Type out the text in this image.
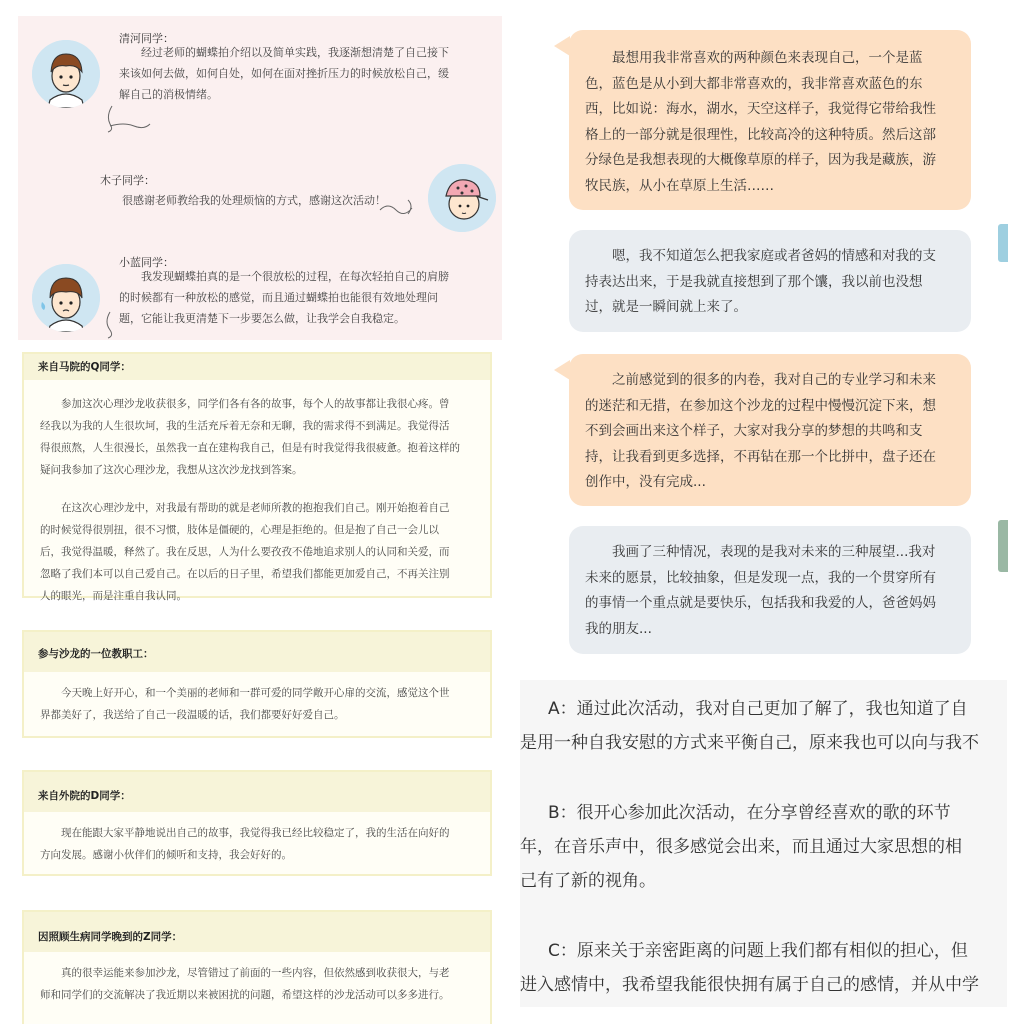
清河同学：
经过老师的蝴蝶拍介绍以及简单实践，我逐渐想清楚了自己接下
来该如何去做，如何自处，如何在面对挫折压力的时候放松自己，缓
解自己的消极情绪。
木子同学：
很感谢老师教给我的处理烦恼的方式，感谢这次活动！
小蓝同学：
我发现蝴蝶拍真的是一个很放松的过程，在每次轻拍自己的肩膀
的时候都有一种放松的感觉，而且通过蝴蝶拍也能很有效地处理问
题，它能让我更清楚下一步要怎么做，让我学会自我稳定。
来自马院的Q同学：

参加这次心理沙龙收获很多，同学们各有各的故事，每个人的故事都让我很心疼。曾
经我以为我的人生很坎坷，我的生活充斥着无奈和无聊，我的需求得不到满足。我觉得活
得很煎熬，人生很漫长，虽然我一直在建构我自己，但是有时我觉得我很疲惫。抱着这样的
疑问我参加了这次心理沙龙，我想从这次沙龙找到答案。

在这次心理沙龙中，对我最有帮助的就是老师所教的抱抱我们自己。刚开始抱着自己
的时候觉得很别扭，很不习惯，肢体是僵硬的，心理是拒绝的。但是抱了自己一会儿以
后，我觉得温暖，释然了。我在反思，人为什么要孜孜不倦地追求别人的认同和关爱，而
忽略了我们本可以自己爱自己。在以后的日子里，希望我们都能更加爱自己，不再关注别
人的眼光，而是注重自我认同。

参与沙龙的一位教职工：

今天晚上好开心，和一个美丽的老师和一群可爱的同学敞开心扉的交流，感觉这个世
界都美好了，我送给了自己一段温暖的话，我们都要好好爱自己。

来自外院的D同学：

现在能跟大家平静地说出自己的故事，我觉得我已经比较稳定了，我的生活在向好的
方向发展。感谢小伙伴们的倾听和支持，我会好好的。

因照顾生病同学晚到的Z同学：

真的很幸运能来参加沙龙，尽管错过了前面的一些内容，但依然感到收获很大，与老
师和同学们的交流解决了我近期以来被困扰的问题，希望这样的沙龙活动可以多多进行。

最想用我非常喜欢的两种颜色来表现自己，一个是蓝
色，蓝色是从小到大都非常喜欢的，我非常喜欢蓝色的东
西，比如说：海水，湖水，天空这样子，我觉得它带给我性
格上的一部分就是很理性，比较高冷的这种特质。然后这部
分绿色是我想表现的大概像草原的样子，因为我是藏族，游
牧民族，从小在草原上生活……
嗯，我不知道怎么把我家庭或者爸妈的情感和对我的支
持表达出来，于是我就直接想到了那个馕，我以前也没想
过，就是一瞬间就上来了。
之前感觉到的很多的内卷，我对自己的专业学习和未来
的迷茫和无措，在参加这个沙龙的过程中慢慢沉淀下来，想
不到会画出来这个样子，大家对我分享的梦想的共鸣和支
持，让我看到更多选择，不再钻在那一个比拼中，盘子还在
创作中，没有完成...
我画了三种情况，表现的是我对未来的三种展望...我对
未来的愿景，比较抽象，但是发现一点，我的一个贯穿所有
的事情一个重点就是要快乐，包括我和我爱的人，爸爸妈妈
我的朋友...
A：通过此次活动，我对自己更加了解了，我也知道了自
是用一种自我安慰的方式来平衡自己，原来我也可以向与我不
B：很开心参加此次活动，在分享曾经喜欢的歌的环节
年，在音乐声中，很多感觉会出来，而且通过大家思想的相
己有了新的视角。
C：原来关于亲密距离的问题上我们都有相似的担心，但
进入感情中，我希望我能很快拥有属于自己的感情，并从中学
